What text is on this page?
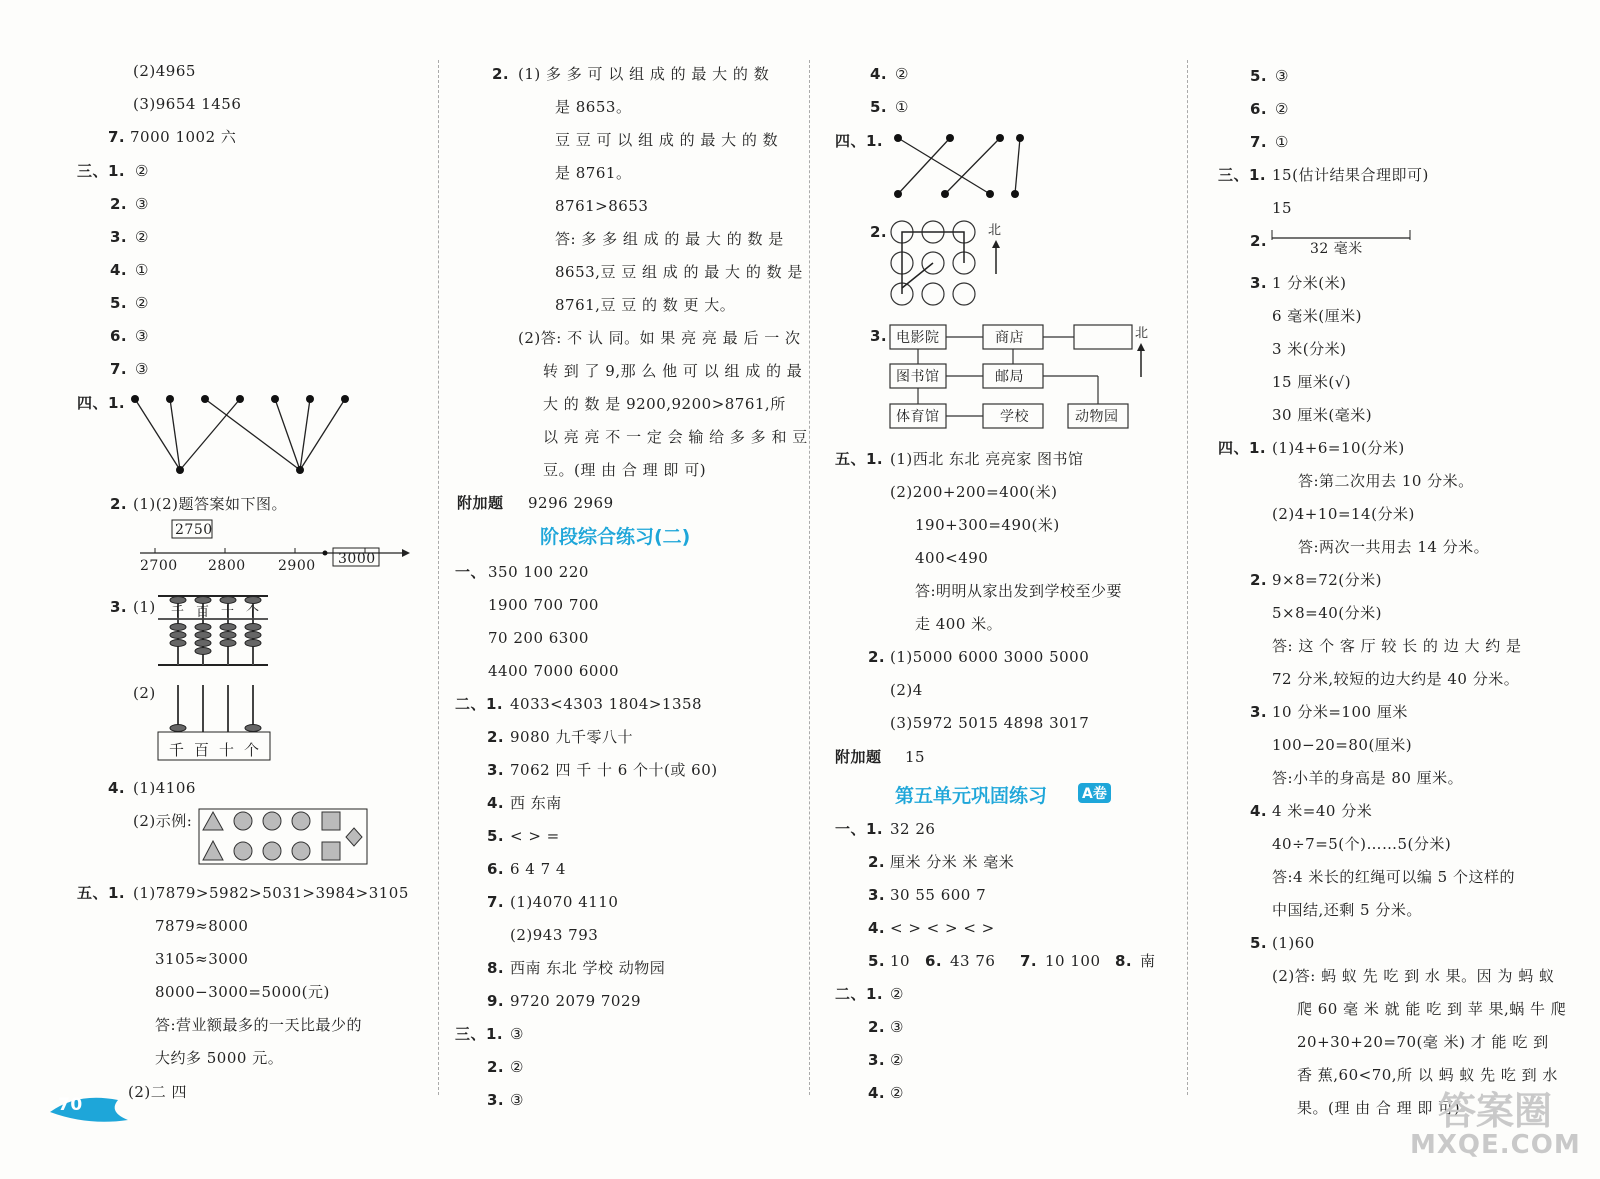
(2)4965
(3)9654 1456
7. 7000 1002 六
三、1. ②
2. ③
3. ②
4. ①
5. ②
6. ③
7. ③
四、1.
2. (1)(2)题答案如下图。
2750
2700 2800 2900 3000
3. (1) 千 百 十 个
(2)
千 百 十 个
4. (1)4106
(2)示例:
五、1. (1)7879>5982>5031>3984>3105
7879≈8000
3105≈3000
8000−3000=5000(元)
答:营业额最多的一天比最少的
大约多 5000 元。
(2)二 四
70
2. (1) 多 多 可 以 组 成 的 最 大 的 数
是 8653。
豆 豆 可 以 组 成 的 最 大 的 数
是 8761。
8761>8653
答: 多 多 组 成 的 最 大 的 数 是
8653,豆 豆 组 成 的 最 大 的 数 是
8761,豆 豆 的 数 更 大。
(2)答: 不 认 同。如 果 亮 亮 最 后 一 次
转 到 了 9,那 么 他 可 以 组 成 的 最
大 的 数 是 9200,9200>8761,所
以 亮 亮 不 一 定 会 输 给 多 多 和 豆
豆。(理 由 合 理 即 可)
附加题 9296 2969
阶段综合练习(二)
一、 350 100 220
1900 700 700
70 200 6300
4400 7000 6000
二、1. 4033<4303 1804>1358
2. 9080 九千零八十
3. 7062 四 千 十 6 个十(或 60)
4. 西 东南
5. < > =
6. 6 4 7 4
7. (1)4070 4110
(2)943 793
8. 西南 东北 学校 动物园
9. 9720 2079 7029
三、1. ③
2. ②
3. ③
4. ②
5. ①
四、1.
2.	北
3. 电影院	商店
图书馆	邮局
体育馆	学校	动物园
北
五、1. (1)西北 东北 亮亮家 图书馆
(2)200+200=400(米)
190+300=490(米)
400<490
答:明明从家出发到学校至少要
走 400 米。
2. (1)5000 6000 3000 5000
(2)4
(3)5972 5015 4898 3017
附加题 15
第五单元巩固练习 A卷
一、1. 32 26
2. 厘米 分米 米 毫米
3. 30 55 600 7
4. < > < > < >
5. 10 6. 43 76 7. 10 100 8. 南
二、1. ②
2. ③
3. ②
4. ②
5. ③
6. ②
7. ①
三、1. 15(估计结果合理即可)
15
2.	32 毫米
3. 1 分米(米)
6 毫米(厘米)
3 米(分米)
15 厘米(√)
30 厘米(毫米)
四、1. (1)4+6=10(分米)
答:第二次用去 10 分米。
(2)4+10=14(分米)
答:两次一共用去 14 分米。
2. 9×8=72(分米)
5×8=40(分米)
答: 这 个 客 厅 较 长 的 边 大 约 是
72 分米,较短的边大约是 40 分米。
3. 10 分米=100 厘米
100−20=80(厘米)
答:小羊的身高是 80 厘米。
4. 4 米=40 分米
40÷7=5(个)……5(分米)
答:4 米长的红绳可以编 5 个这样的
中国结,还剩 5 分米。
5. (1)60
(2)答: 蚂 蚁 先 吃 到 水 果。因 为 蚂 蚁
爬 60 毫 米 就 能 吃 到 苹 果,蜗 牛 爬
20+30+20=70(毫 米) 才 能 吃 到
香 蕉,60<70,所 以 蚂 蚁 先 吃 到 水
果。(理 由 合 理 即 可)
答案圈
MXQE.COM
